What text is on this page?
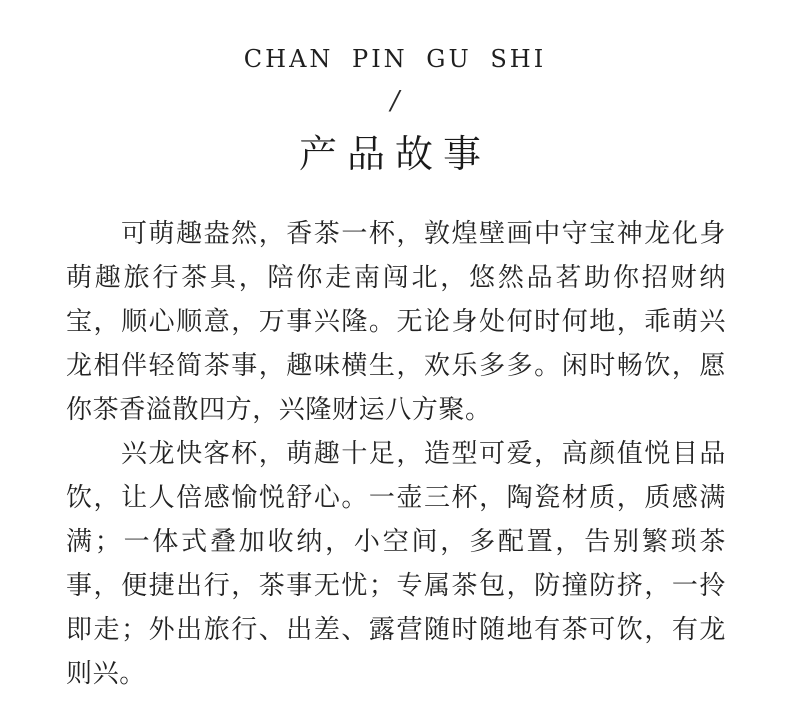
CHAN PIN GU SHI
/
产品故事

可萌趣盎然，香茶一杯，敦煌壁画中守宝神龙化身萌趣旅行茶具，陪你走南闯北，悠然品茗助你招财纳宝，顺心顺意，万事兴隆。无论身处何时何地，乖萌兴龙相伴轻简茶事，趣味横生，欢乐多多。闲时畅饮，愿你茶香溢散四方，兴隆财运八方聚。

兴龙快客杯，萌趣十足，造型可爱，高颜值悦目品饮，让人倍感愉悦舒心。一壶三杯，陶瓷材质，质感满满；一体式叠加收纳，小空间，多配置，告别繁琐茶事，便捷出行，茶事无忧；专属茶包，防撞防挤，一拎即走；外出旅行、出差、露营随时随地有茶可饮，有龙则兴。
